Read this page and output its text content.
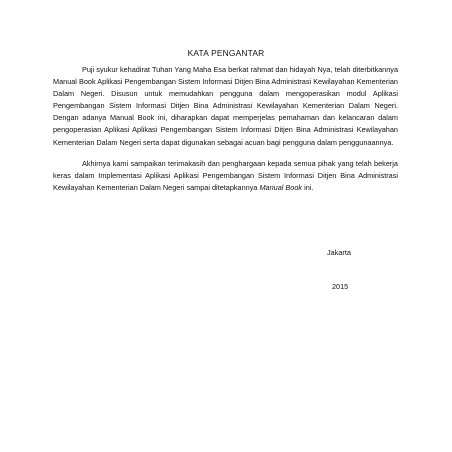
KATA PENGANTAR

Puji syukur kehadirat Tuhan Yang Maha Esa berkat rahmat dan hidayah Nya, telah diterbitkannya Manual Book Aplikasi Pengembangan Sistem Informasi Ditjen Bina Administrasi Kewilayahan Kementerian Dalam Negeri. Disusun untuk memudahkan pengguna dalam mengoperasikan modul Aplikasi Pengembangan Sistem Informasi Ditjen Bina Administrasi Kewilayahan Kementerian Dalam Negeri. Dengan adanya Manual Book ini, diharapkan dapat memperjelas pemahaman dan kelancaran dalam pengoperasian Aplikasi Aplikasi Pengembangan Sistem Informasi Ditjen Bina Administrasi Kewilayahan Kementerian Dalam Negeri serta dapat digunakan sebagai acuan bagi pengguna dalam penggunaannya.

Akhirnya kami sampaikan terimakasih dan penghargaan kepada semua pihak yang telah bekerja keras dalam Implementasi Aplikasi Aplikasi Pengembangan Sistem Informasi Ditjen Bina Administrasi Kewilayahan Kementerian Dalam Negeri sampai ditetapkannya Manual Book ini.

Jakarta
2015
